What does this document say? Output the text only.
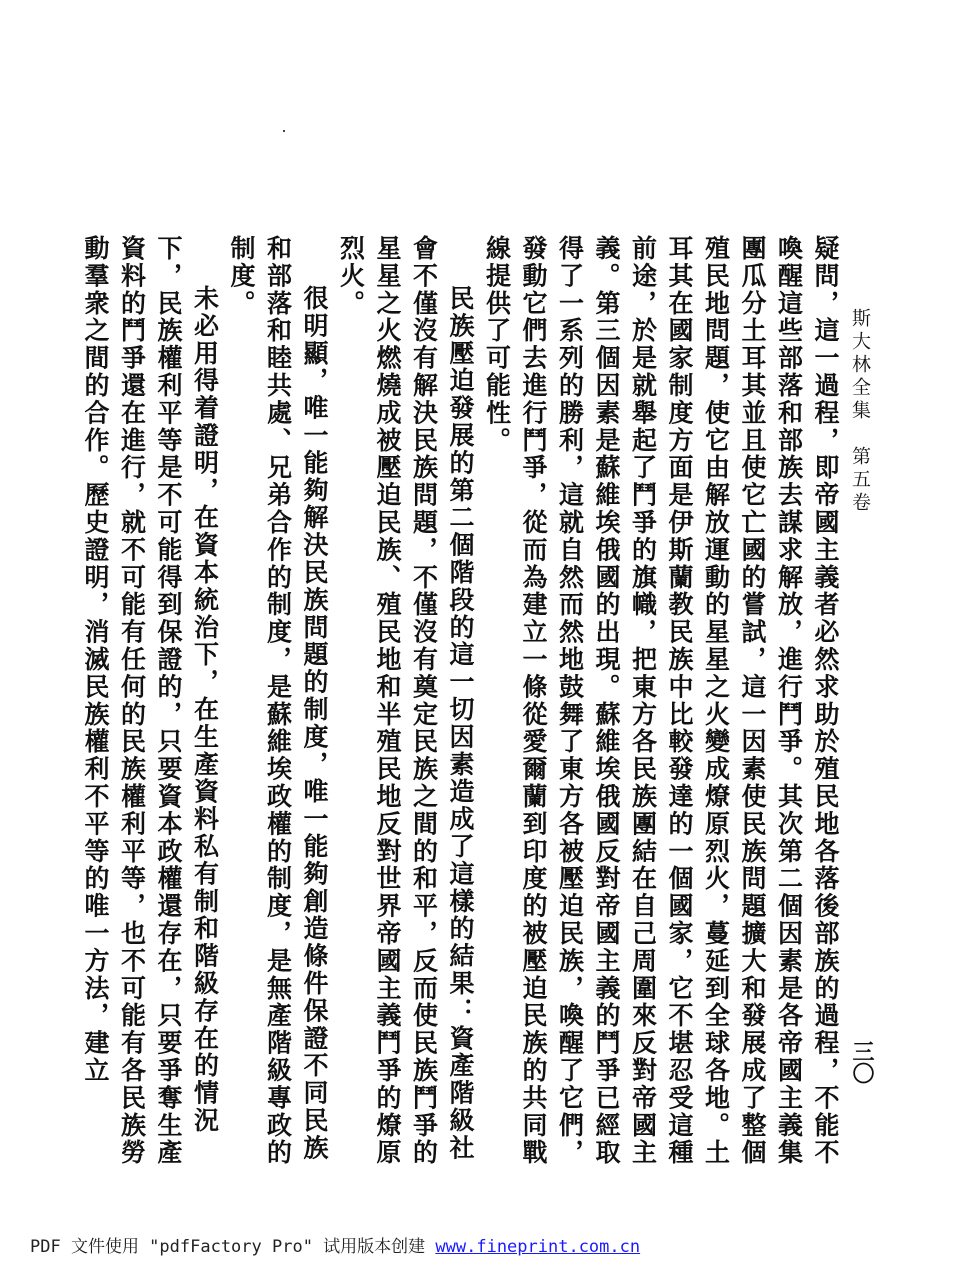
斯大林全集　第五卷
三〇

疑問，這一過程，即帝國主義者必然求助於殖民地各落後部族的過程，不能不喚醒這些部落和部族去謀求解放，進行鬥爭。其次第二個因素是各帝國主義集團瓜分土耳其並且使它亡國的嘗試，這一因素使民族問題擴大和發展成了整個殖民地問題，使它由解放運動的星星之火變成燎原烈火，蔓延到全球各地。土耳其在國家制度方面是伊斯蘭教民族中比較發達的一個國家，它不堪忍受這種前途，於是就舉起了鬥爭的旗幟，把東方各民族團結在自己周圍來反對帝國主義。第三個因素是蘇維埃俄國的出現。蘇維埃俄國反對帝國主義的鬥爭已經取得了一系列的勝利，這就自然而然地鼓舞了東方各被壓迫民族，喚醒了它們，發動它們去進行鬥爭，從而為建立一條從愛爾蘭到印度的被壓迫民族的共同戰線提供了可能性。

民族壓迫發展的第二個階段的這一切因素造成了這樣的結果：資產階級社會不僅沒有解決民族問題，不僅沒有奠定民族之間的和平，反而使民族鬥爭的星星之火燃燒成被壓迫民族、殖民地和半殖民地反對世界帝國主義鬥爭的燎原烈火。

很明顯，唯一能夠解決民族問題的制度，唯一能夠創造條件保證不同民族和部落和睦共處、兄弟合作的制度，是蘇維埃政權的制度，是無產階級專政的制度。

未必用得着證明，在資本統治下，在生產資料私有制和階級存在的情況下，民族權利平等是不可能得到保證的，只要資本政權還存在，只要爭奪生產資料的鬥爭還在進行，就不可能有任何的民族權利平等，也不可能有各民族勞動羣衆之間的合作。歷史證明，消滅民族權利不平等的唯一方法，建立

PDF 文件使用 "pdfFactory Pro" 试用版本创建 www.fineprint.com.cn
